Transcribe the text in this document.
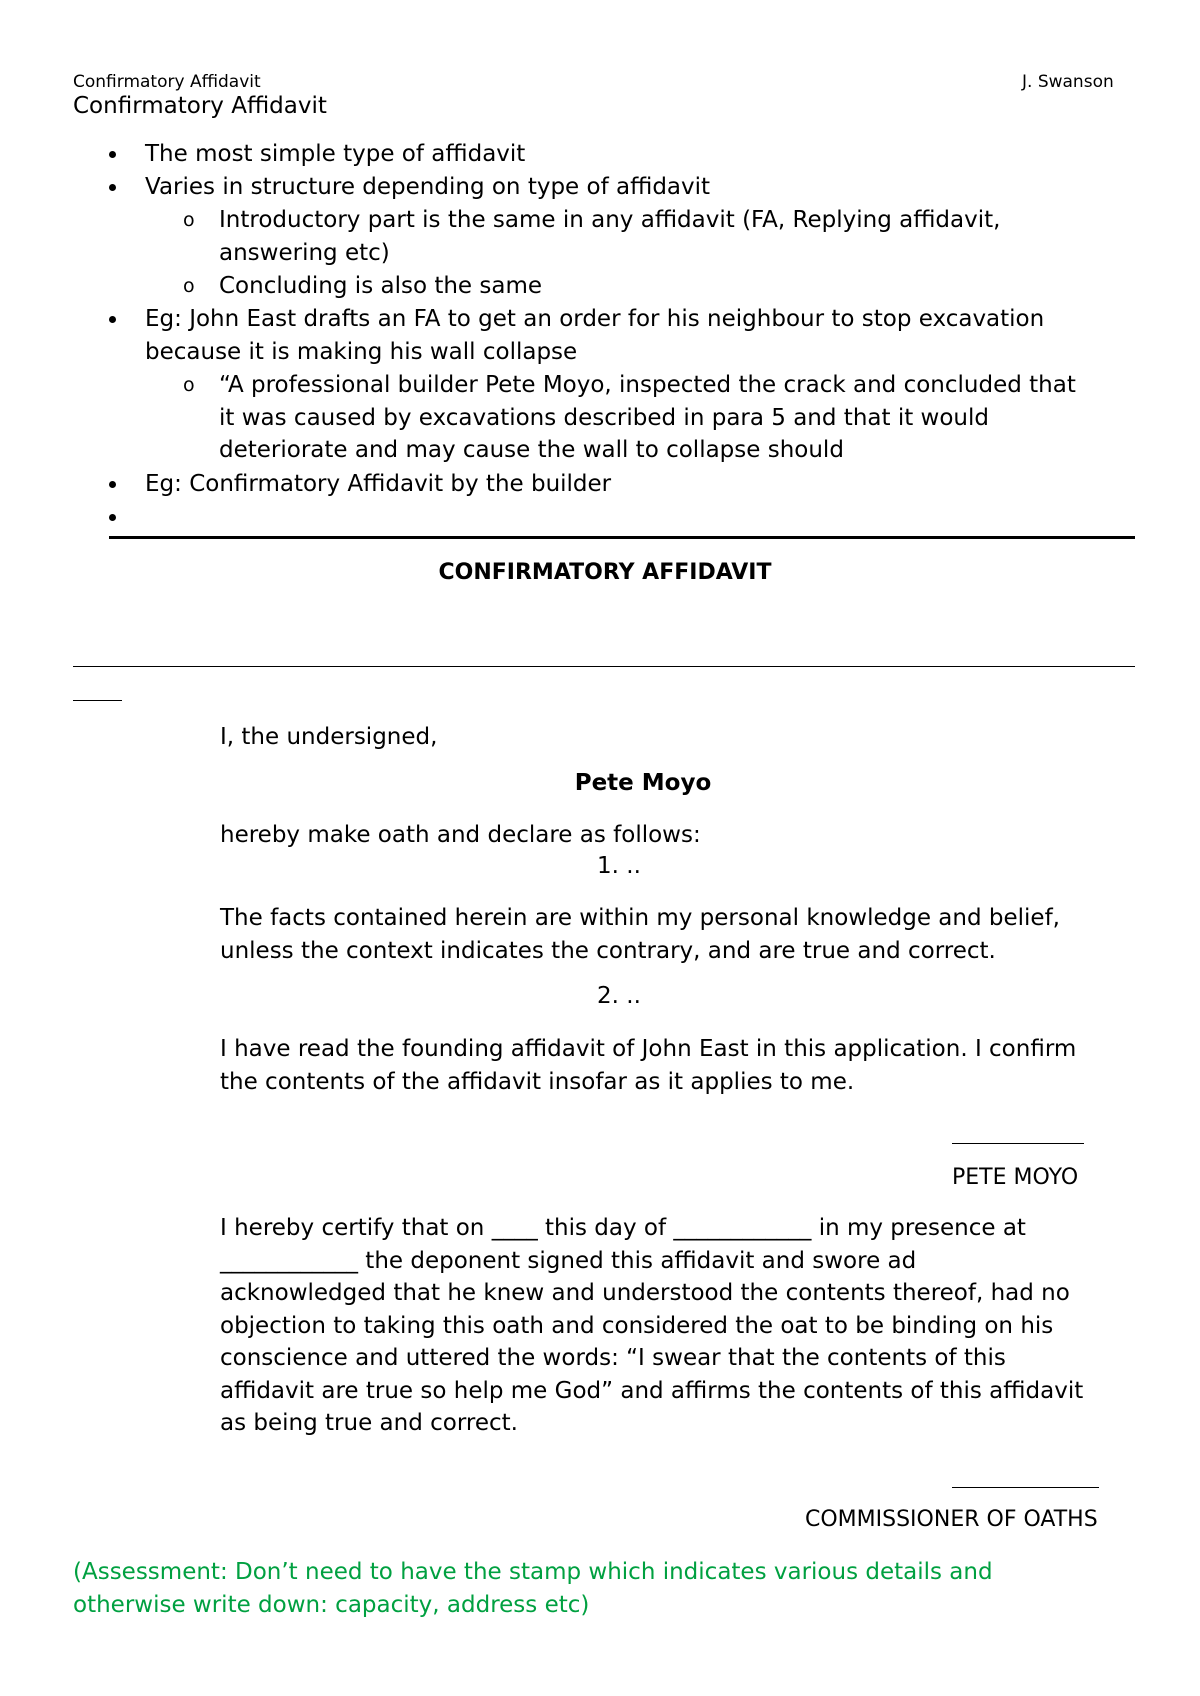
Confirmatory Affidavit	J. Swanson
Confirmatory Affidavit
The most simple type of affidavit
Varies in structure depending on type of affidavit
o Introductory part is the same in any affidavit (FA, Replying affidavit,
answering etc)
o Concluding is also the same
Eg: John East drafts an FA to get an order for his neighbour to stop excavation
because it is making his wall collapse
o “A professional builder Pete Moyo, inspected the crack and concluded that
it was caused by excavations described in para 5 and that it would
deteriorate and may cause the wall to collapse should
Eg: Confirmatory Affidavit by the builder
CONFIRMATORY AFFIDAVIT
I, the undersigned,
Pete Moyo
hereby make oath and declare as follows:
1. ..
The facts contained herein are within my personal knowledge and belief,
unless the context indicates the contrary, and are true and correct.
2. ..
I have read the founding affidavit of John East in this application. I confirm
the contents of the affidavit insofar as it applies to me.
PETE MOYO
I hereby certify that on ____ this day of ____________ in my presence at
____________ the deponent signed this affidavit and swore ad
acknowledged that he knew and understood the contents thereof, had no
objection to taking this oath and considered the oat to be binding on his
conscience and uttered the words: “I swear that the contents of this
affidavit are true so help me God” and affirms the contents of this affidavit
as being true and correct.
COMMISSIONER OF OATHS
(Assessment: Don’t need to have the stamp which indicates various details and
otherwise write down: capacity, address etc)
